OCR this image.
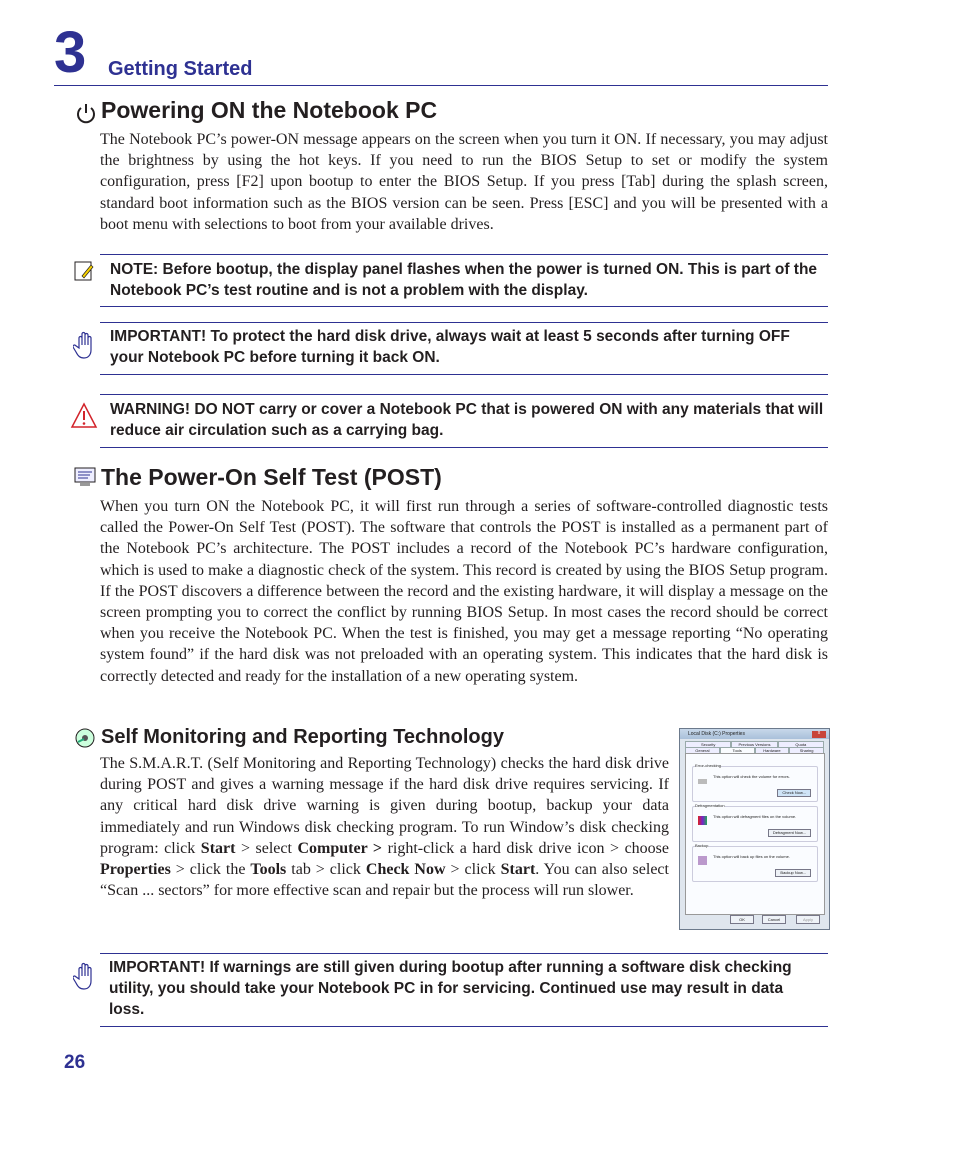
3 Getting Started
Powering ON the Notebook PC
The Notebook PC’s power-ON message appears on the screen when you turn it ON. If necessary, you may adjust the brightness by using the hot keys. If you need to run the BIOS Setup to set or modify the system configuration, press [F2] upon bootup to enter the BIOS Setup. If you press [Tab] during the splash screen, standard boot information such as the BIOS version can be seen. Press [ESC] and you will be presented with a boot menu with selections to boot from your available drives.
NOTE: Before bootup, the display panel flashes when the power is turned ON. This is part of the Notebook PC’s test routine and is not a problem with the display.
IMPORTANT! To protect the hard disk drive, always wait at least 5 seconds after turning OFF your Notebook PC before turning it back ON.
WARNING! DO NOT carry or cover a Notebook PC that is powered ON with any materials that will reduce air circulation such as a carrying bag.
The Power-On Self Test (POST)
When you turn ON the Notebook PC, it will first run through a series of software-controlled diagnostic tests called the Power-On Self Test (POST). The software that controls the POST is installed as a permanent part of the Notebook PC’s architecture. The POST includes a record of the Notebook PC’s hardware configuration, which is used to make a diagnostic check of the system. This record is created by using the BIOS Setup program. If the POST discovers a difference between the record and the existing hardware, it will display a message on the screen prompting you to correct the conflict by running BIOS Setup. In most cases the record should be correct when you receive the Notebook PC. When the test is finished, you may get a message reporting “No operating system found” if the hard disk was not preloaded with an operating system. This indicates that the hard disk is correctly detected and ready for the installation of a new operating system.
Self Monitoring and Reporting Technology
The S.M.A.R.T. (Self Monitoring and Reporting Technology) checks the hard disk drive during POST and gives a warning message if the hard disk drive requires servicing. If any critical hard disk drive warning is given during bootup, backup your data immediately and run Windows disk checking program. To run Window’s disk checking program: click Start > select Computer > right-click a hard disk drive icon > choose Properties > click the Tools tab > click Check Now > click Start. You can also select “Scan ... sectors” for more effective scan and repair but the process will run slower.
Local Disk (C:) Properties	x
Security	Previous Versions	Quota
General	Tools	Hardware	Sharing
Error-checking
This option will check the volume for errors.
Check Now...
Defragmentation
This option will defragment files on the volume.
Defragment Now...
Backup
This option will back up files on the volume.
Backup Now...
OK	Cancel	Apply
IMPORTANT! If warnings are still given during bootup after running a software disk checking utility, you should take your Notebook PC in for servicing. Continued use may result in data loss.
26
